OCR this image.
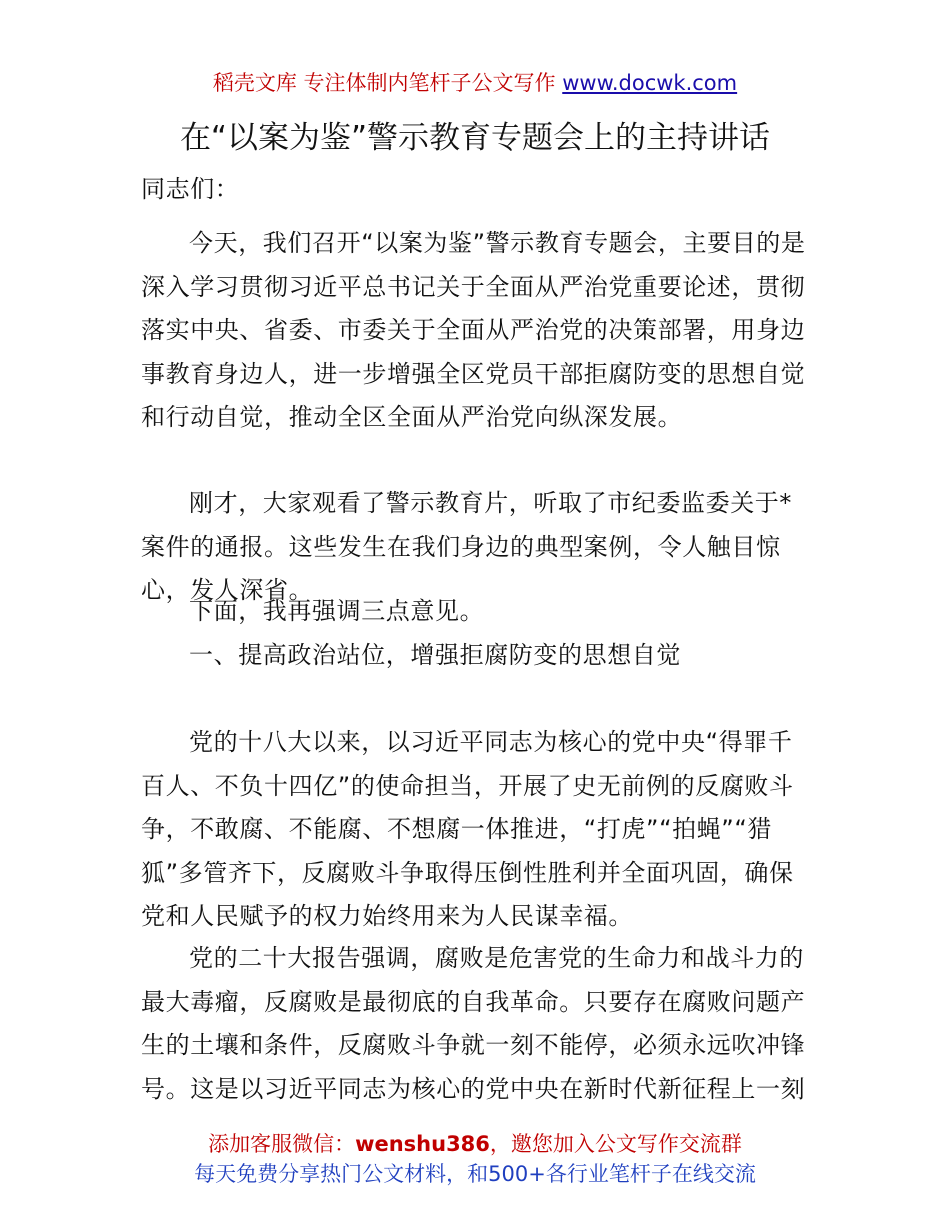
稻壳文库 专注体制内笔杆子公文写作 www.docwk.com
在“以案为鉴”警示教育专题会上的主持讲话
同志们：

今天，我们召开“以案为鉴”警示教育专题会，主要目的是深入学习贯彻习近平总书记关于全面从严治党重要论述，贯彻落实中央、省委、市委关于全面从严治党的决策部署，用身边事教育身边人，进一步增强全区党员干部拒腐防变的思想自觉和行动自觉，推动全区全面从严治党向纵深发展。

刚才，大家观看了警示教育片，听取了市纪委监委关于*案件的通报。这些发生在我们身边的典型案例，令人触目惊心，发人深省。

下面，我再强调三点意见。

一、提高政治站位，增强拒腐防变的思想自觉

党的十八大以来，以习近平同志为核心的党中央“得罪千百人、不负十四亿”的使命担当，开展了史无前例的反腐败斗争，不敢腐、不能腐、不想腐一体推进，“打虎”“拍蝇”“猎狐”多管齐下，反腐败斗争取得压倒性胜利并全面巩固，确保党和人民赋予的权力始终用来为人民谋幸福。

党的二十大报告强调，腐败是危害党的生命力和战斗力的最大毒瘤，反腐败是最彻底的自我革命。只要存在腐败问题产生的土壤和条件，反腐败斗争就一刻不能停，必须永远吹冲锋号。这是以习近平同志为核心的党中央在新时代新征程上一刻

添加客服微信：wenshu386，邀您加入公文写作交流群
每天免费分享热门公文材料，和500+各行业笔杆子在线交流
